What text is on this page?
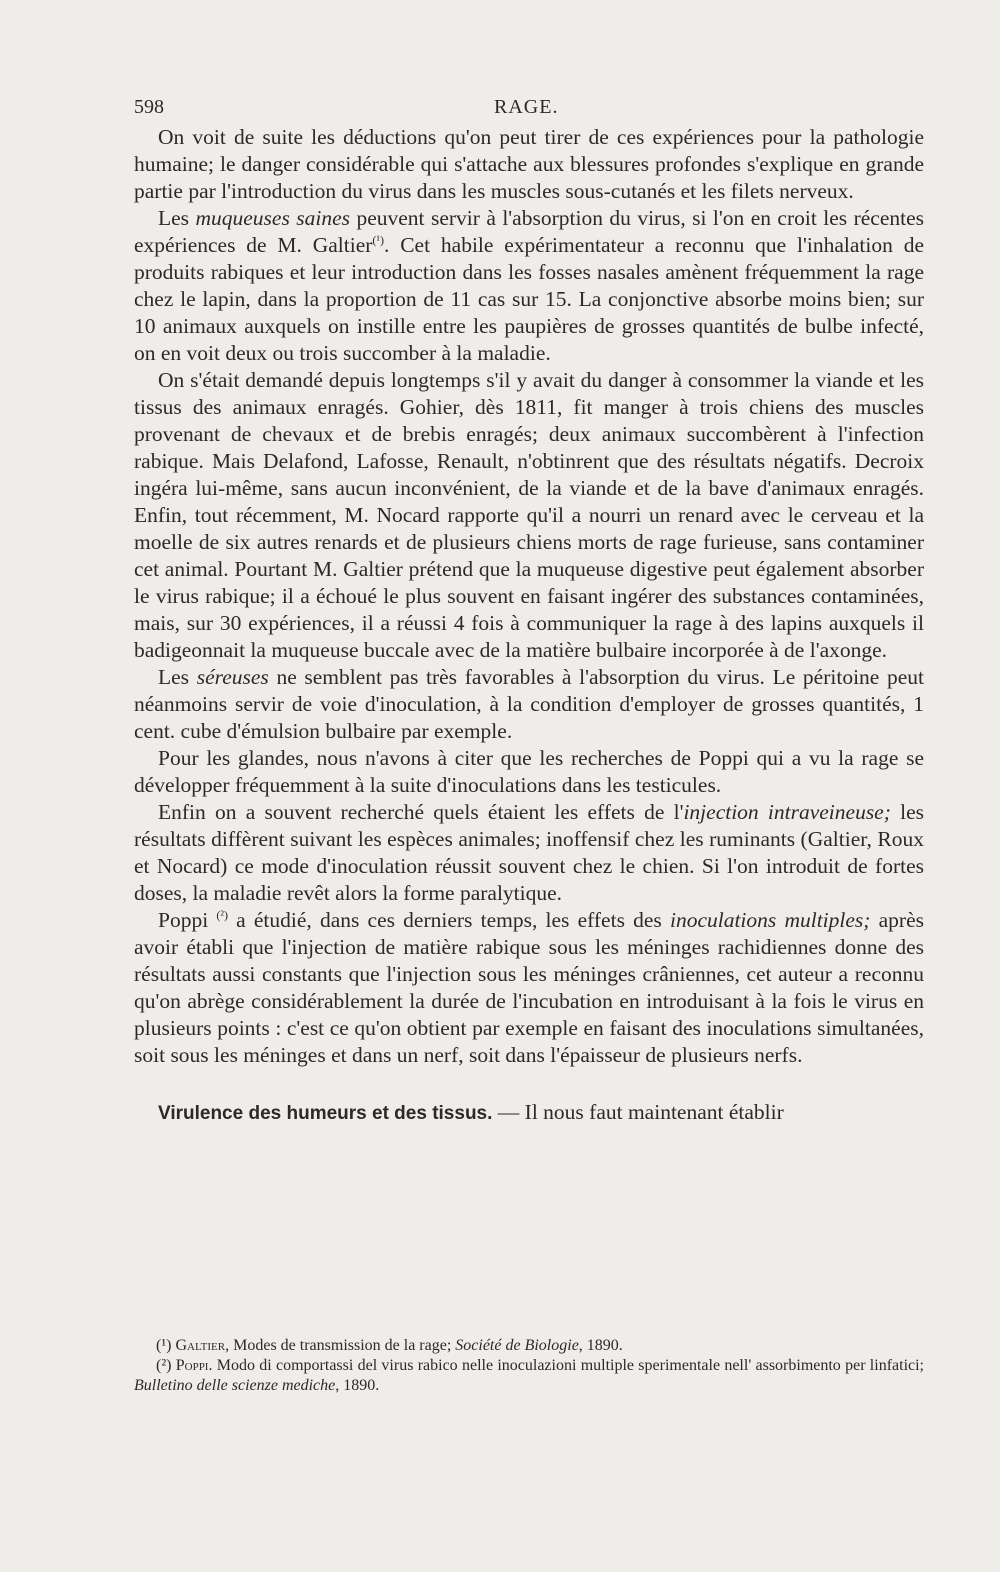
598	RAGE.

On voit de suite les déductions qu'on peut tirer de ces expériences pour la pathologie humaine; le danger considérable qui s'attache aux blessures profondes s'explique en grande partie par l'introduction du virus dans les muscles sous-cutanés et les filets nerveux.

Les muqueuses saines peuvent servir à l'absorption du virus, si l'on en croit les récentes expériences de M. Galtier$^{(^1)}$. Cet habile expérimentateur a reconnu que l'inhalation de produits rabiques et leur introduction dans les fosses nasales amènent fréquemment la rage chez le lapin, dans la proportion de 11 cas sur 15. La conjonctive absorbe moins bien; sur 10 animaux auxquels on instille entre les paupières de grosses quantités de bulbe infecté, on en voit deux ou trois succomber à la maladie.

On s'était demandé depuis longtemps s'il y avait du danger à consommer la viande et les tissus des animaux enragés. Gohier, dès 1811, fit manger à trois chiens des muscles provenant de chevaux et de brebis enragés; deux animaux succombèrent à l'infection rabique. Mais Delafond, Lafosse, Renault, n'obtinrent que des résultats négatifs. Decroix ingéra lui-même, sans aucun inconvénient, de la viande et de la bave d'animaux enragés. Enfin, tout récemment, M. Nocard rapporte qu'il a nourri un renard avec le cerveau et la moelle de six autres renards et de plusieurs chiens morts de rage furieuse, sans contaminer cet animal. Pourtant M. Galtier prétend que la muqueuse digestive peut également absorber le virus rabique; il a échoué le plus souvent en faisant ingérer des substances contaminées, mais, sur 30 expériences, il a réussi 4 fois à communiquer la rage à des lapins auxquels il badigeonnait la muqueuse buccale avec de la matière bulbaire incorporée à de l'axonge.

Les séreuses ne semblent pas très favorables à l'absorption du virus. Le péritoine peut néanmoins servir de voie d'inoculation, à la condition d'employer de grosses quantités, 1 cent. cube d'émulsion bulbaire par exemple.

Pour les glandes, nous n'avons à citer que les recherches de Poppi qui a vu la rage se développer fréquemment à la suite d'inoculations dans les testicules.

Enfin on a souvent recherché quels étaient les effets de l'injection intraveineuse; les résultats diffèrent suivant les espèces animales; inoffensif chez les ruminants (Galtier, Roux et Nocard) ce mode d'inoculation réussit souvent chez le chien. Si l'on introduit de fortes doses, la maladie revêt alors la forme paralytique.

Poppi $^{(^2)}$ a étudié, dans ces derniers temps, les effets des inoculations multiples; après avoir établi que l'injection de matière rabique sous les méninges rachidiennes donne des résultats aussi constants que l'injection sous les méninges crâniennes, cet auteur a reconnu qu'on abrège considérablement la durée de l'incubation en introduisant à la fois le virus en plusieurs points : c'est ce qu'on obtient par exemple en faisant des inoculations simultanées, soit sous les méninges et dans un nerf, soit dans l'épaisseur de plusieurs nerfs.

Virulence des humeurs et des tissus. — Il nous faut maintenant établir

(¹) Galtier, Modes de transmission de la rage; Société de Biologie, 1890.

(²) Poppi. Modo di comportassi del virus rabico nelle inoculazioni multiple sperimentale nell' assorbimento per linfatici; Bulletino delle scienze mediche, 1890.
